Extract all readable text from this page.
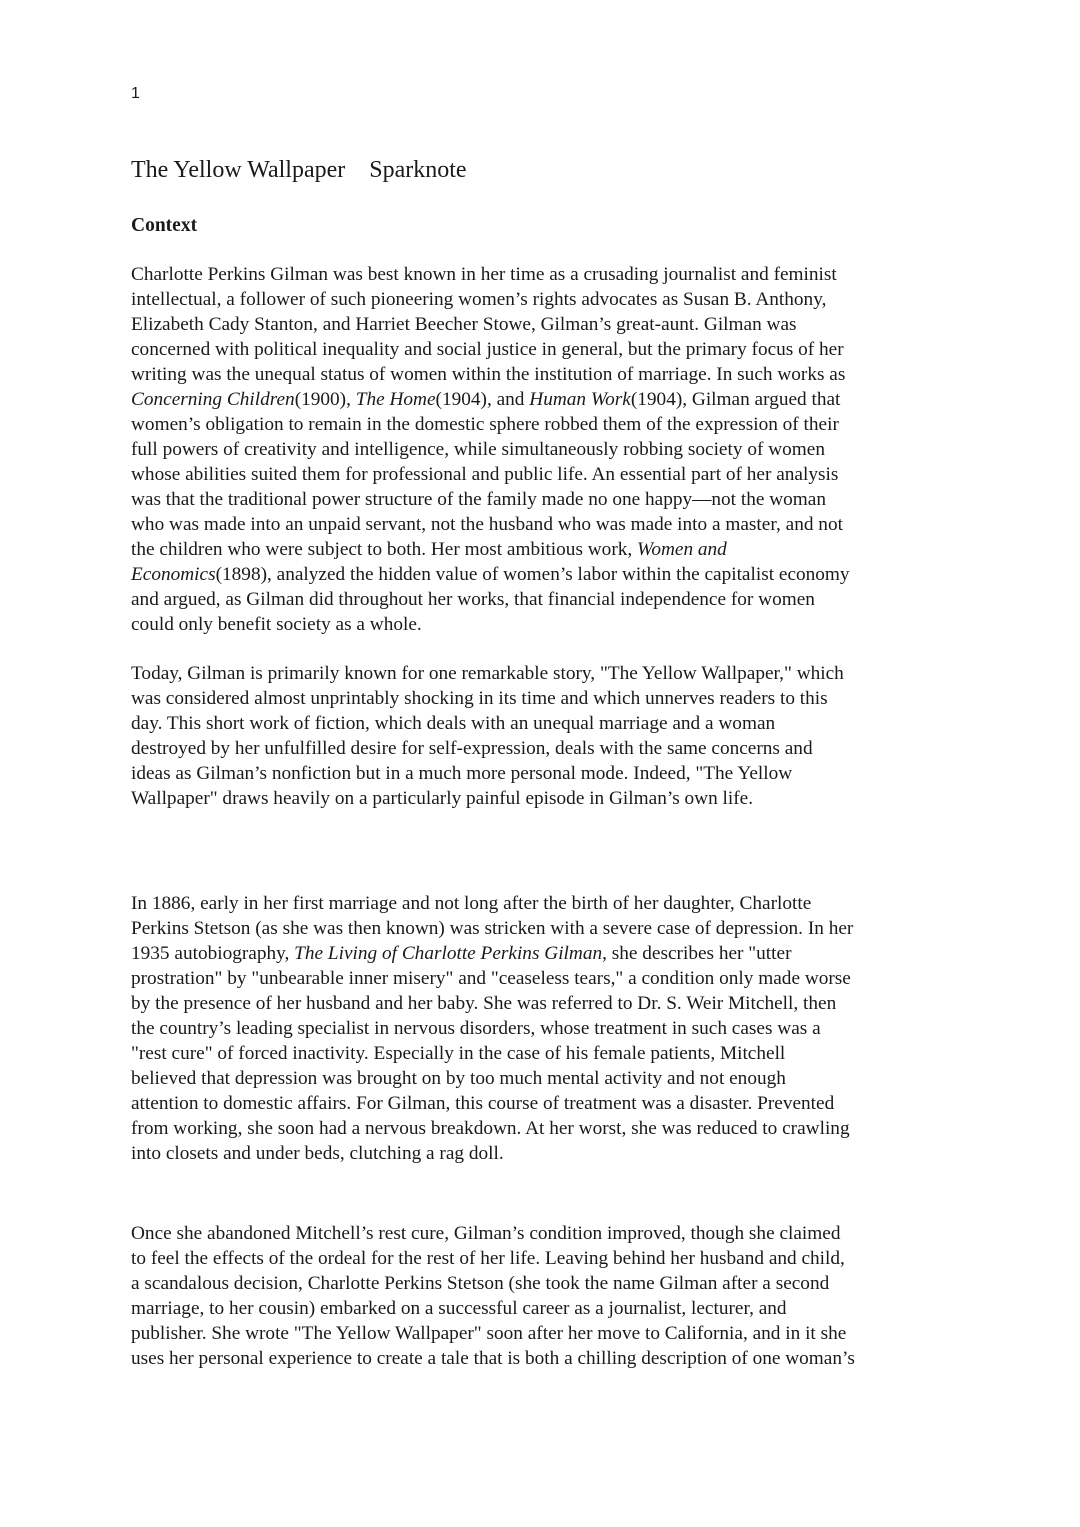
1
The Yellow Wallpaper    Sparknote
Context

Charlotte Perkins Gilman was best known in her time as a crusading journalist and feminist
intellectual, a follower of such pioneering women’s rights advocates as Susan B. Anthony,
Elizabeth Cady Stanton, and Harriet Beecher Stowe, Gilman’s great-aunt. Gilman was
concerned with political inequality and social justice in general, but the primary focus of her
writing was the unequal status of women within the institution of marriage. In such works as
Concerning Children(1900), The Home(1904), and Human Work(1904), Gilman argued that
women’s obligation to remain in the domestic sphere robbed them of the expression of their
full powers of creativity and intelligence, while simultaneously robbing society of women
whose abilities suited them for professional and public life. An essential part of her analysis
was that the traditional power structure of the family made no one happy—not the woman
who was made into an unpaid servant, not the husband who was made into a master, and not
the children who were subject to both. Her most ambitious work, Women and
Economics(1898), analyzed the hidden value of women’s labor within the capitalist economy
and argued, as Gilman did throughout her works, that financial independence for women
could only benefit society as a whole.

Today, Gilman is primarily known for one remarkable story, "The Yellow Wallpaper," which
was considered almost unprintably shocking in its time and which unnerves readers to this
day. This short work of fiction, which deals with an unequal marriage and a woman
destroyed by her unfulfilled desire for self-expression, deals with the same concerns and
ideas as Gilman’s nonfiction but in a much more personal mode. Indeed, "The Yellow
Wallpaper" draws heavily on a particularly painful episode in Gilman’s own life.

In 1886, early in her first marriage and not long after the birth of her daughter, Charlotte
Perkins Stetson (as she was then known) was stricken with a severe case of depression. In her
1935 autobiography, The Living of Charlotte Perkins Gilman, she describes her "utter
prostration" by "unbearable inner misery" and "ceaseless tears," a condition only made worse
by the presence of her husband and her baby. She was referred to Dr. S. Weir Mitchell, then
the country’s leading specialist in nervous disorders, whose treatment in such cases was a
"rest cure" of forced inactivity. Especially in the case of his female patients, Mitchell
believed that depression was brought on by too much mental activity and not enough
attention to domestic affairs. For Gilman, this course of treatment was a disaster. Prevented
from working, she soon had a nervous breakdown. At her worst, she was reduced to crawling
into closets and under beds, clutching a rag doll.

Once she abandoned Mitchell’s rest cure, Gilman’s condition improved, though she claimed
to feel the effects of the ordeal for the rest of her life. Leaving behind her husband and child,
a scandalous decision, Charlotte Perkins Stetson (she took the name Gilman after a second
marriage, to her cousin) embarked on a successful career as a journalist, lecturer, and
publisher. She wrote "The Yellow Wallpaper" soon after her move to California, and in it she
uses her personal experience to create a tale that is both a chilling description of one woman’s
